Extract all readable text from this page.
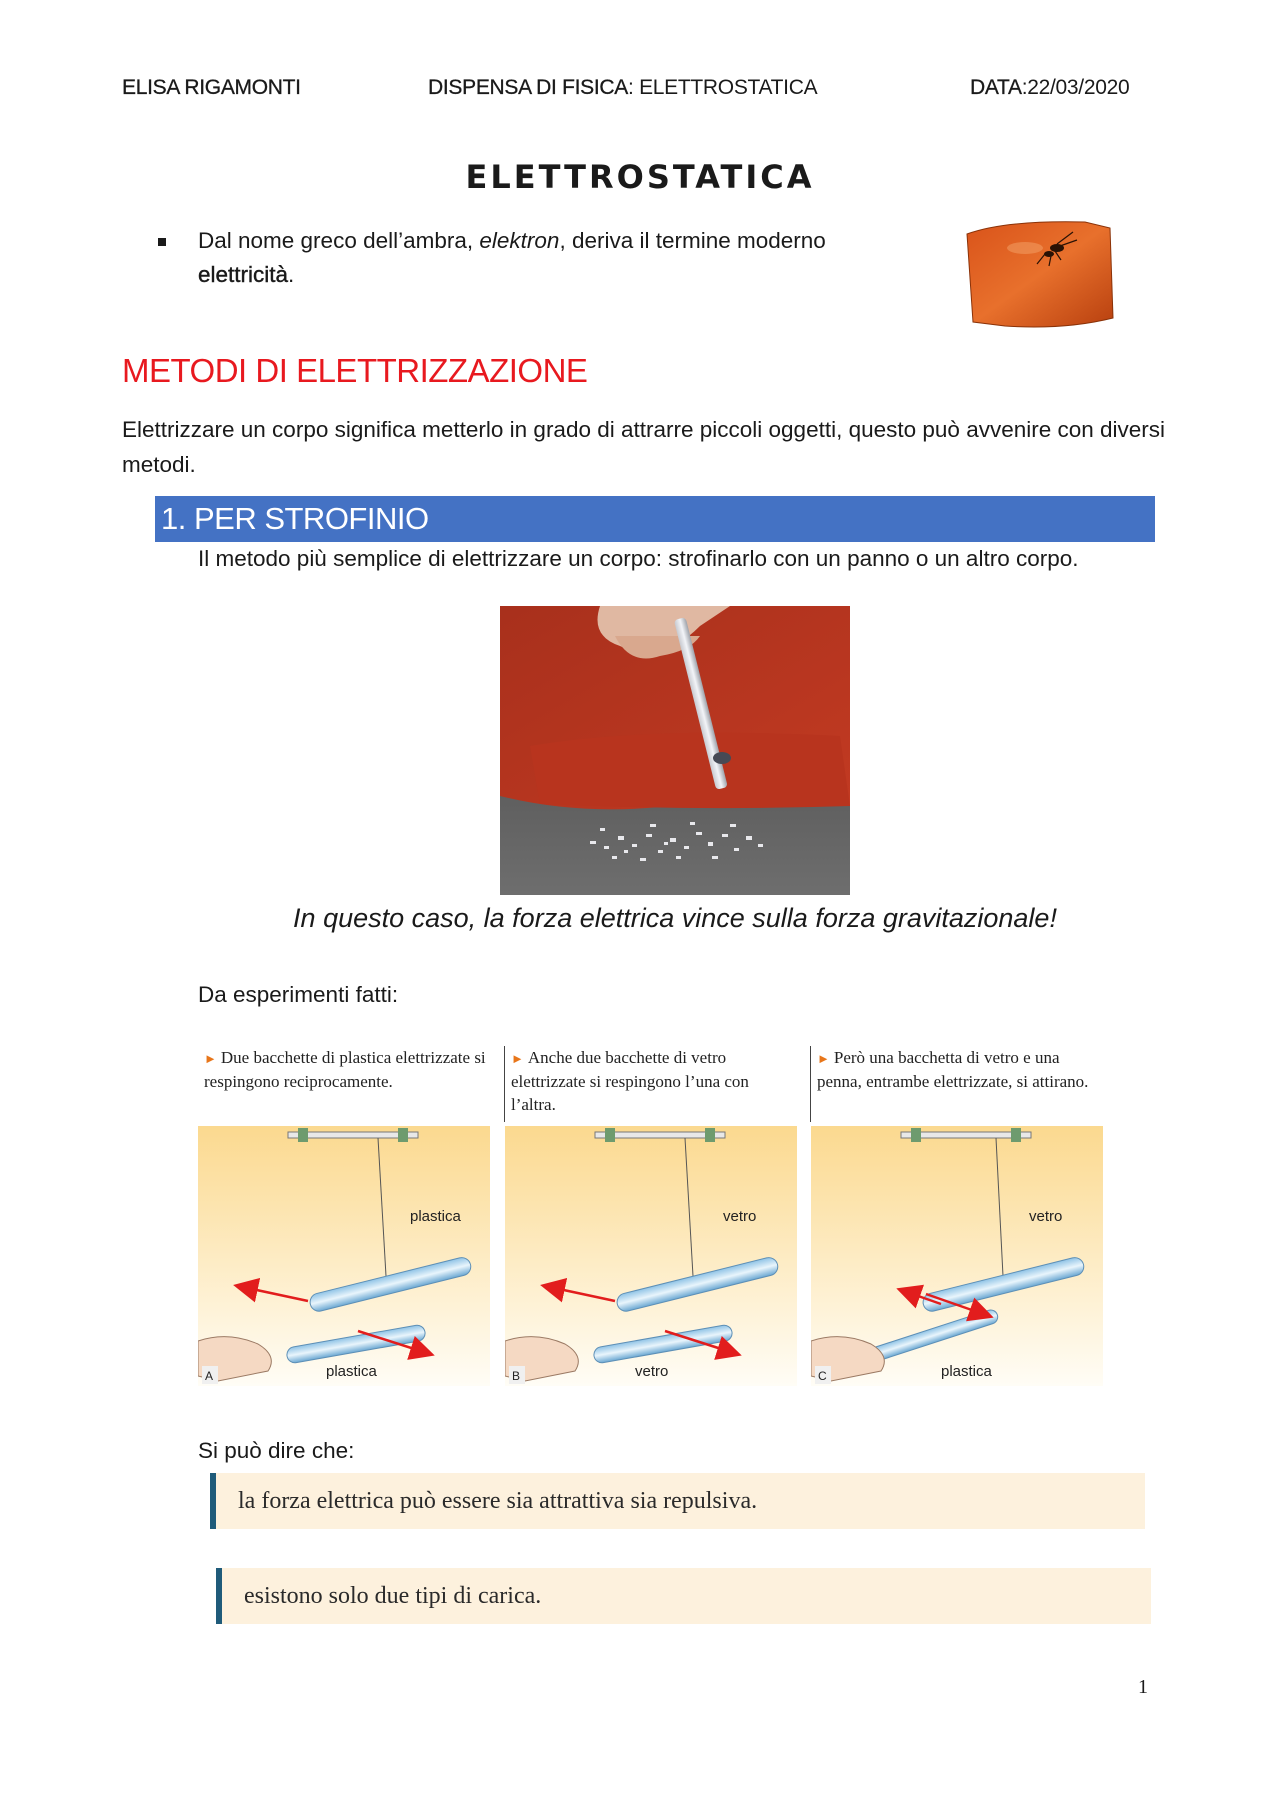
ELISA RIGAMONTI	DISPENSA DI FISICA: ELETTROSTATICA	DATA:22/03/2020
ELETTROSTATICA
Dal nome greco dell’ambra, elektron, deriva il termine moderno
elettricità.
METODI DI ELETTRIZZAZIONE
Elettrizzare un corpo significa metterlo in grado di attrarre piccoli oggetti, questo può avvenire con diversi metodi.
1. PER STROFINIO
Il metodo più semplice di elettrizzare un corpo: strofinarlo con un panno o un altro corpo.
In questo caso, la forza elettrica vince sulla forza gravitazionale!
Da esperimenti fatti:
► Due bacchette di plastica elettrizzate si respingono reciprocamente.
plastica
plastica
A
► Anche due bacchette di vetro elettrizzate si respingono l’una con l’altra.
vetro
vetro
B
► Però una bacchetta di vetro e una penna, entrambe elettrizzate, si attirano.
vetro
plastica
C
Si può dire che:
la forza elettrica può essere sia attrattiva sia repulsiva.
esistono solo due tipi di carica.
1
